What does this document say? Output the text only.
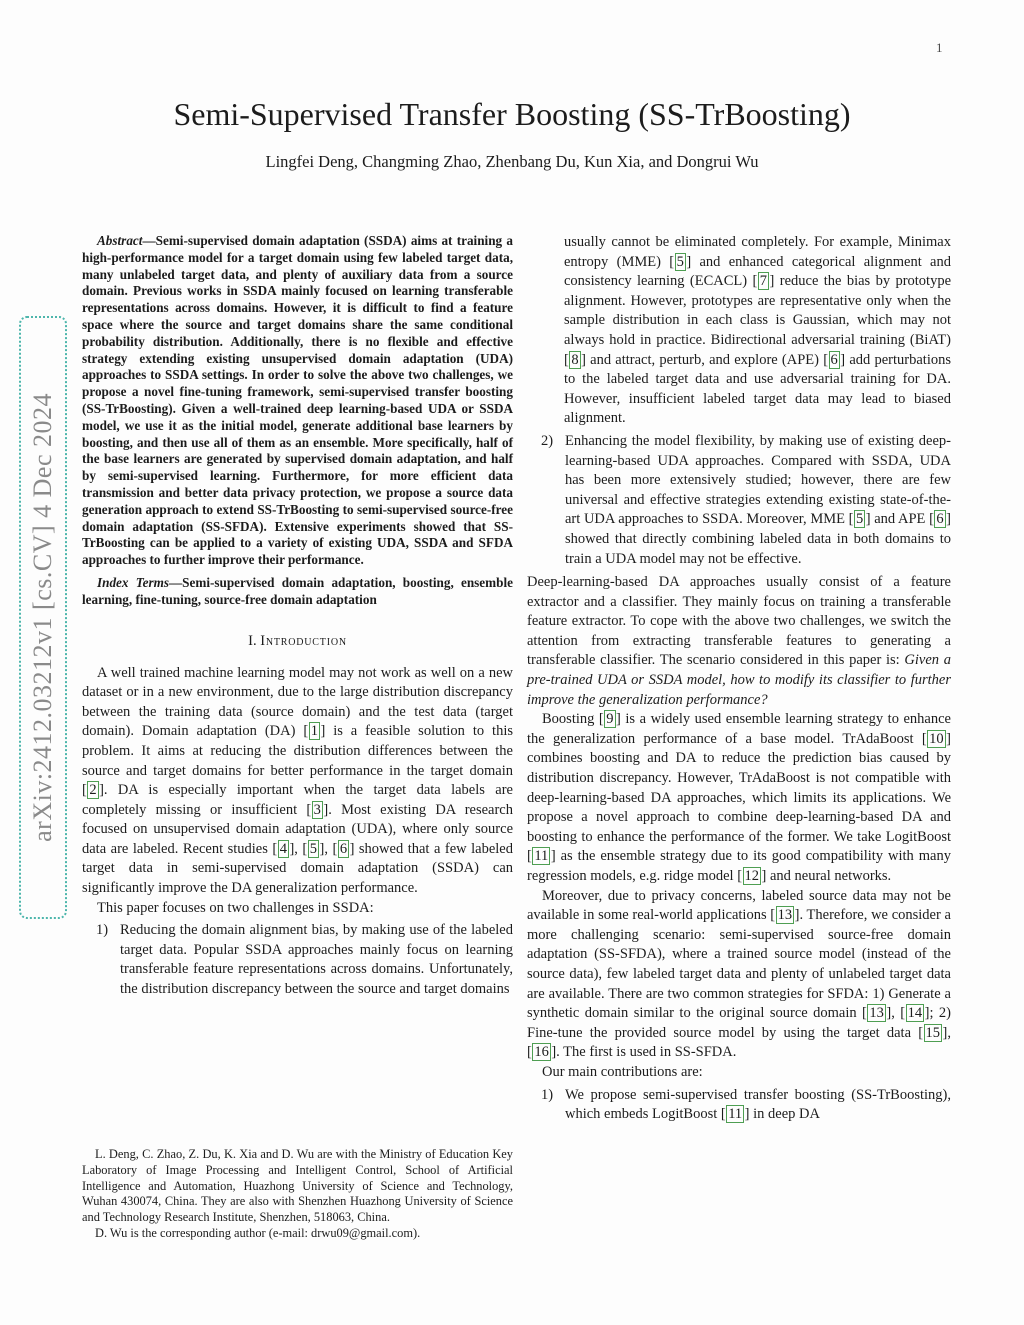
1
arXiv:2412.03212v1 [cs.CV] 4 Dec 2024
Semi-Supervised Transfer Boosting (SS-TrBoosting)
Lingfei Deng, Changming Zhao, Zhenbang Du, Kun Xia, and Dongrui Wu

Abstract—Semi-supervised domain adaptation (SSDA) aims at training a high-performance model for a target domain using few labeled target data, many unlabeled target data, and plenty of auxiliary data from a source domain. Previous works in SSDA mainly focused on learning transferable representations across domains. However, it is difficult to find a feature space where the source and target domains share the same conditional probability distribution. Additionally, there is no flexible and effective strategy extending existing unsupervised domain adaptation (UDA) approaches to SSDA settings. In order to solve the above two challenges, we propose a novel fine-tuning framework, semi-supervised transfer boosting (SS-TrBoosting). Given a well-trained deep learning-based UDA or SSDA model, we use it as the initial model, generate additional base learners by boosting, and then use all of them as an ensemble. More specifically, half of the base learners are generated by supervised domain adaptation, and half by semi-supervised learning. Furthermore, for more efficient data transmission and better data privacy protection, we propose a source data generation approach to extend SS-TrBoosting to semi-supervised source-free domain adaptation (SS-SFDA). Extensive experiments showed that SS-TrBoosting can be applied to a variety of existing UDA, SSDA and SFDA approaches to further improve their performance.

Index Terms—Semi-supervised domain adaptation, boosting, ensemble learning, fine-tuning, source-free domain adaptation

I. Introduction

A well trained machine learning model may not work as well on a new dataset or in a new environment, due to the large distribution discrepancy between the training data (source domain) and the test data (target domain). Domain adaptation (DA) [ 1 ] is a feasible solution to this problem. It aims at reducing the distribution differences between the source and target domains for better performance in the target domain [ 2 ]. DA is especially important when the target data labels are completely missing or insufficient [ 3 ]. Most existing DA research focused on unsupervised domain adaptation (UDA), where only source data are labeled. Recent studies [ 4 ], [ 5 ], [ 6 ] showed that a few labeled target data in semi-supervised domain adaptation (SSDA) can significantly improve the DA generalization performance.

This paper focuses on two challenges in SSDA:

1) Reducing the domain alignment bias, by making use of the labeled target data. Popular SSDA approaches mainly focus on learning transferable feature representations across domains. Unfortunately, the distribution discrepancy between the source and target domains

L. Deng, C. Zhao, Z. Du, K. Xia and D. Wu are with the Ministry of Education Key Laboratory of Image Processing and Intelligent Control, School of Artificial Intelligence and Automation, Huazhong University of Science and Technology, Wuhan 430074, China. They are also with Shenzhen Huazhong University of Science and Technology Research Institute, Shenzhen, 518063, China.

D. Wu is the corresponding author (e-mail: drwu09@gmail.com).

usually cannot be eliminated completely. For example, Minimax entropy (MME) [ 5 ] and enhanced categorical alignment and consistency learning (ECACL) [ 7 ] reduce the bias by prototype alignment. However, prototypes are representative only when the sample distribution in each class is Gaussian, which may not always hold in practice. Bidirectional adversarial training (BiAT) [ 8 ] and attract, perturb, and explore (APE) [ 6 ] add perturbations to the labeled target data and use adversarial training for DA. However, insufficient labeled target data may lead to biased alignment.
2) Enhancing the model flexibility, by making use of existing deep-learning-based UDA approaches. Compared with SSDA, UDA has been more extensively studied; however, there are few universal and effective strategies extending existing state-of-the-art UDA approaches to SSDA. Moreover, MME [ 5 ] and APE [ 6 ] showed that directly combining labeled data in both domains to train a UDA model may not be effective.

Deep-learning-based DA approaches usually consist of a feature extractor and a classifier. They mainly focus on training a transferable feature extractor. To cope with the above two challenges, we switch the attention from extracting transferable features to generating a transferable classifier. The scenario considered in this paper is: Given a pre-trained UDA or SSDA model, how to modify its classifier to further improve the generalization performance?

Boosting [ 9 ] is a widely used ensemble learning strategy to enhance the generalization performance of a base model. TrAdaBoost [ 10 ] combines boosting and DA to reduce the prediction bias caused by distribution discrepancy. However, TrAdaBoost is not compatible with deep-learning-based DA approaches, which limits its applications. We propose a novel approach to combine deep-learning-based DA and boosting to enhance the performance of the former. We take LogitBoost [ 11 ] as the ensemble strategy due to its good compatibility with many regression models, e.g. ridge model [ 12 ] and neural networks.

Moreover, due to privacy concerns, labeled source data may not be available in some real-world applications [ 13 ]. Therefore, we consider a more challenging scenario: semi-supervised source-free domain adaptation (SS-SFDA), where a trained source model (instead of the source data), few labeled target data and plenty of unlabeled target data are available. There are two common strategies for SFDA: 1) Generate a synthetic domain similar to the original source domain [ 13 ], [ 14 ]; 2) Fine-tune the provided source model by using the target data [ 15 ], [ 16 ]. The first is used in SS-SFDA.

Our main contributions are:

1) We propose semi-supervised transfer boosting (SS-TrBoosting), which embeds LogitBoost [ 11 ] in deep DA
